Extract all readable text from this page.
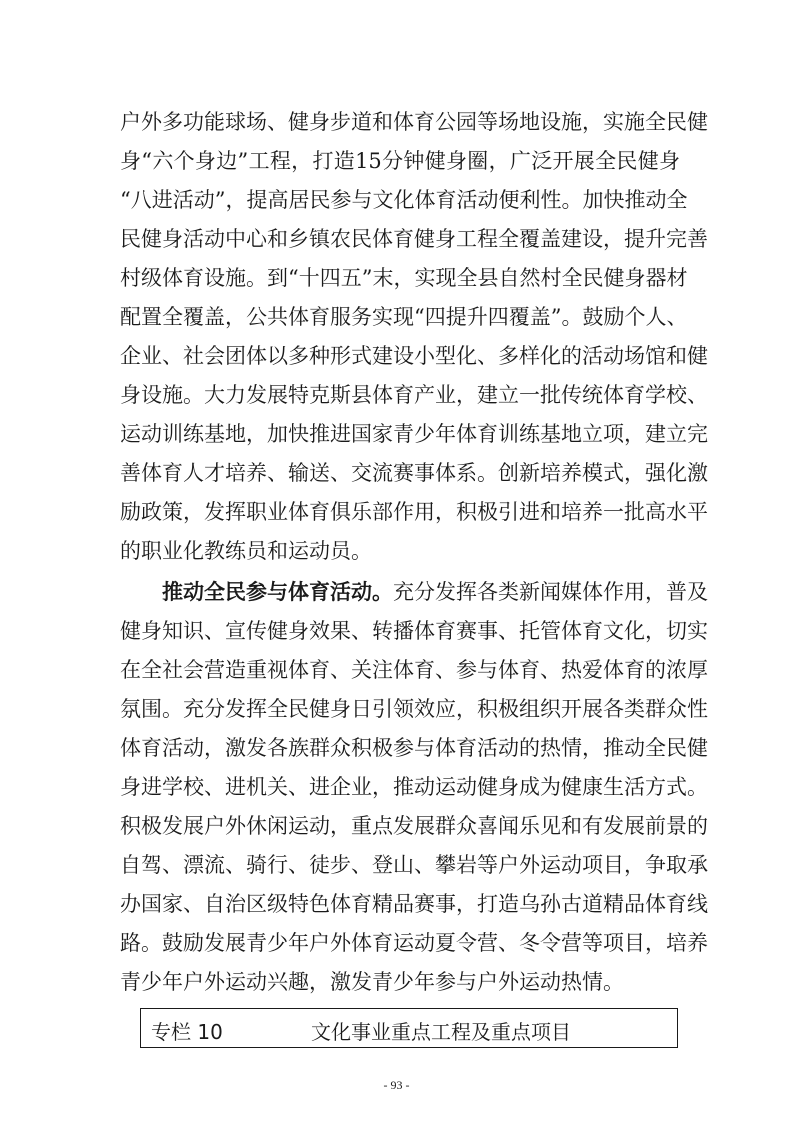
户外多功能球场、健身步道和体育公园等场地设施，实施全民健
身“六个身边”工程，打造15分钟健身圈，广泛开展全民健身
“八进活动”，提高居民参与文化体育活动便利性。加快推动全
民健身活动中心和乡镇农民体育健身工程全覆盖建设，提升完善
村级体育设施。到“十四五”末，实现全县自然村全民健身器材
配置全覆盖，公共体育服务实现“四提升四覆盖”。鼓励个人、
企业、社会团体以多种形式建设小型化、多样化的活动场馆和健
身设施。大力发展特克斯县体育产业，建立一批传统体育学校、
运动训练基地，加快推进国家青少年体育训练基地立项，建立完
善体育人才培养、输送、交流赛事体系。创新培养模式，强化激
励政策，发挥职业体育俱乐部作用，积极引进和培养一批高水平
的职业化教练员和运动员。
推动全民参与体育活动。充分发挥各类新闻媒体作用，普及
健身知识、宣传健身效果、转播体育赛事、托管体育文化，切实
在全社会营造重视体育、关注体育、参与体育、热爱体育的浓厚
氛围。充分发挥全民健身日引领效应，积极组织开展各类群众性
体育活动，激发各族群众积极参与体育活动的热情，推动全民健
身进学校、进机关、进企业，推动运动健身成为健康生活方式。
积极发展户外休闲运动，重点发展群众喜闻乐见和有发展前景的
自驾、漂流、骑行、徒步、登山、攀岩等户外运动项目，争取承
办国家、自治区级特色体育精品赛事，打造乌孙古道精品体育线
路。鼓励发展青少年户外体育运动夏令营、冬令营等项目，培养
青少年户外运动兴趣，激发青少年参与户外运动热情。
专栏 10	文化事业重点工程及重点项目
- 93 -
